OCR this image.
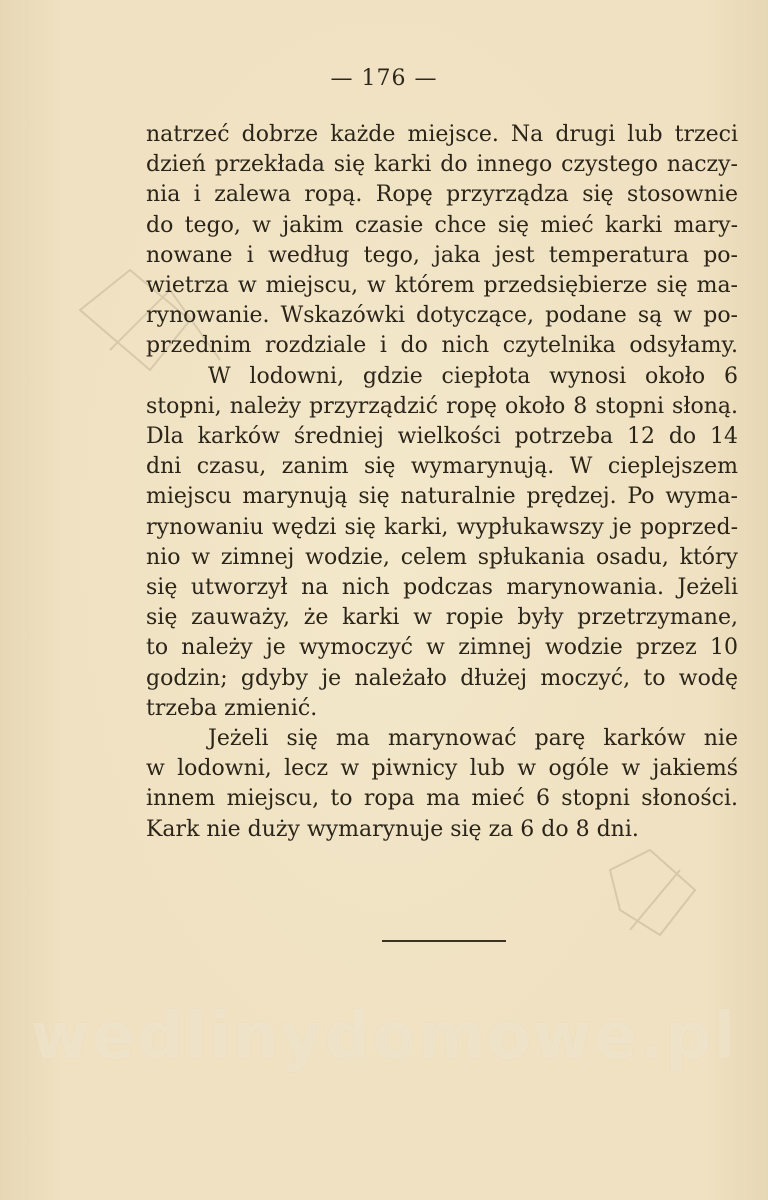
— 176 —
natrzeć dobrze każde miejsce. Na drugi lub trzeci
dzień przekłada się karki do innego czystego naczy-
nia i zalewa ropą. Ropę przyrządza się stosownie
do tego, w jakim czasie chce się mieć karki mary-
nowane i według tego, jaka jest temperatura po-
wietrza w miejscu, w którem przedsiębierze się ma-
rynowanie. Wskazówki dotyczące, podane są w po-
przednim rozdziale i do nich czytelnika odsyłamy.
W lodowni, gdzie ciepłota wynosi około 6
stopni, należy przyrządzić ropę około 8 stopni słoną.
Dla karków średniej wielkości potrzeba 12 do 14
dni czasu, zanim się wymarynują. W cieplejszem
miejscu marynują się naturalnie prędzej. Po wyma-
rynowaniu wędzi się karki, wypłukawszy je poprzed-
nio w zimnej wodzie, celem spłukania osadu, który
się utworzył na nich podczas marynowania. Jeżeli
się zauważy, że karki w ropie były przetrzymane,
to należy je wymoczyć w zimnej wodzie przez 10
godzin; gdyby je należało dłużej moczyć, to wodę
trzeba zmienić.
Jeżeli się ma marynować parę karków nie
w lodowni, lecz w piwnicy lub w ogóle w jakiemś
innem miejscu, to ropa ma mieć 6 stopni słoności.
Kark nie duży wymarynuje się za 6 do 8 dni.
wedlinydomowe.pl
